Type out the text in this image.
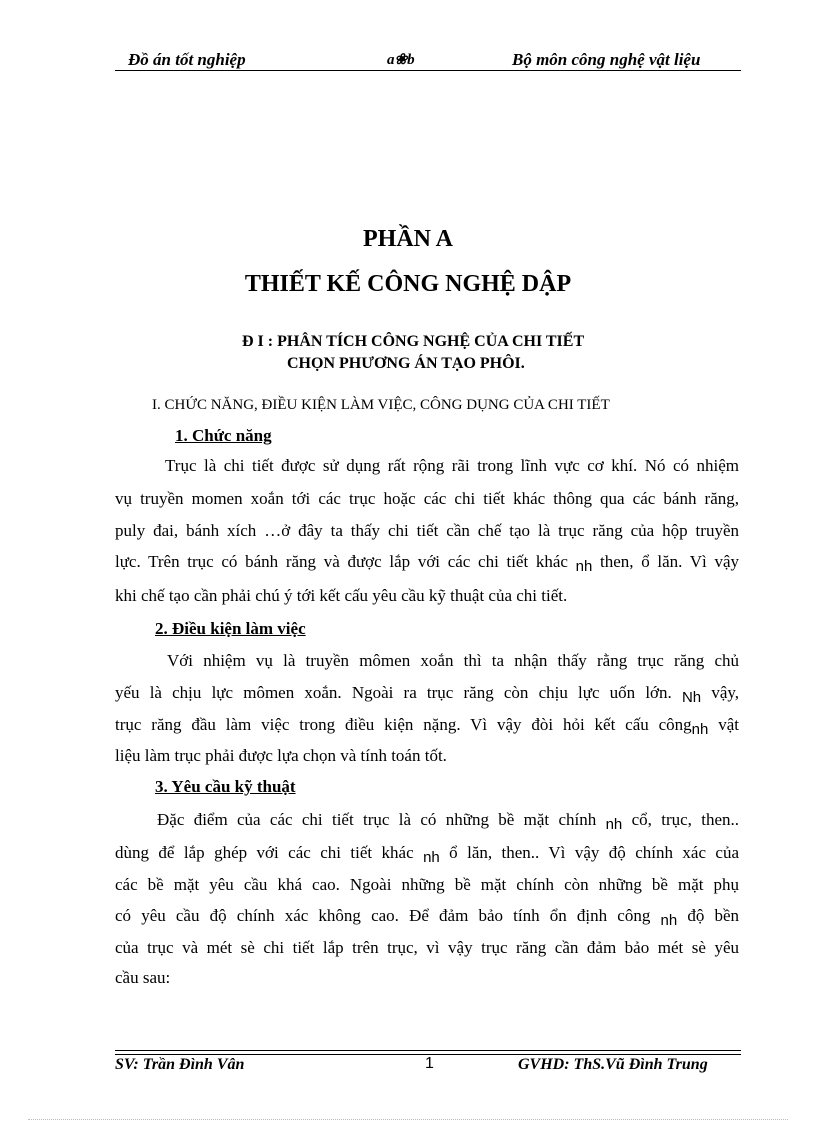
Đồ án tốt nghiệp	a❀b	Bộ môn công nghệ vật liệu
PHẦN A
THIẾT KẾ CÔNG NGHỆ DẬP
Đ I : PHÂN TÍCH CÔNG NGHỆ CỦA CHI TIẾT
CHỌN PHƯƠNG ÁN TẠO PHÔI.
I. CHỨC NĂNG, ĐIỀU KIỆN LÀM VIỆC, CÔNG DỤNG CỦA CHI TIẾT
1. Chức năng
Trục là chi tiết được sử dụng rất rộng rãi trong lĩnh vực cơ khí. Nó có nhiệm
vụ truyền momen xoắn tới các trục hoặc các chi tiết khác thông qua các bánh răng,
puly đai, bánh xích …ở đây ta thấy chi tiết cần chế tạo là trục răng của hộp truyền
lực. Trên trục có bánh răng và được lắp với các chi tiết khác nh then, ổ lăn. Vì vậy
khi chế tạo cần phải chú ý tới kết cấu yêu cầu kỹ thuật của chi tiết.
2. Điều kiện làm việc
Với nhiệm vụ là truyền mômen xoắn thì ta nhận thấy rằng trục răng chủ
yếu là chịu lực mômen xoắn. Ngoài ra trục răng còn chịu lực uốn lớn. Nh vậy,
trục răng đầu làm việc trong điều kiện nặng. Vì vậy đòi hỏi kết cấu côngnh vật
liệu làm trục phải được lựa chọn và tính toán tốt.
3. Yêu cầu kỹ thuật
Đặc điểm của các chi tiết trục là có những bề mặt chính nh cổ, trục, then..
dùng để lắp ghép với các chi tiết khác nh ổ lăn, then.. Vì vậy độ chính xác của
các bề mặt yêu cầu khá cao. Ngoài những bề mặt chính còn những bề mặt phụ
có yêu cầu độ chính xác không cao. Để đảm bảo tính ổn định công nh độ bền
của trục và mét sè chi tiết lắp trên trục, vì vậy trục răng cần đảm bảo mét sè yêu
cầu sau:
SV: Trần Đình Vân	1	GVHD: ThS.Vũ Đình Trung
